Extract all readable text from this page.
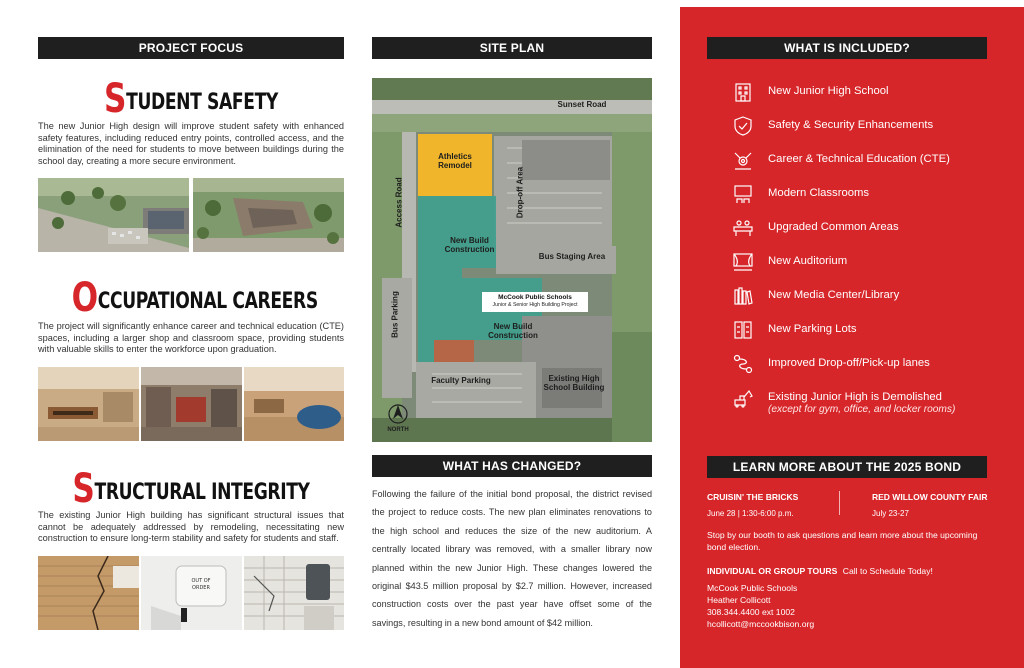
PROJECT FOCUS
STUDENT SAFETY
The new Junior High design will improve student safety with enhanced safety features, including reduced entry points, controlled access, and the elimination of the need for students to move between buildings during the school day, creating a more secure environment.
OCCUPATIONAL CAREERS
The project will significantly enhance career and technical education (CTE) spaces, including a larger shop and classroom space, providing students with valuable skills to enter the workforce upon graduation.
STRUCTURAL INTEGRITY
The existing Junior High building has significant structural issues that cannot be adequately addressed by remodeling, necessitating new construction to ensure long-term stability and safety for students and staff.
OUT OF
ORDER
SITE PLAN
Sunset Road
Athletics
Remodel
Access Road	Drop-off Area
New Build
Construction
Bus Staging Area
Bus Parking	McCook Public Schools
Junior & Senior High Building Project
New Build
Construction
Faculty Parking	Existing High
School Building
NORTH
WHAT HAS CHANGED?
Following the failure of the initial bond proposal, the district revised the project to reduce costs. The new plan eliminates renovations to the high school and reduces the size of the new auditorium. A centrally located library was removed, with a smaller library now planned within the new Junior High. These changes lowered the original $43.5 million proposal by $2.7 million. However, increased construction costs over the past year have offset some of the savings, resulting in a new bond amount of $42 million.
WHAT IS INCLUDED?
New Junior High School
Safety & Security Enhancements
Career & Technical Education (CTE)
Modern Classrooms
Upgraded Common Areas
New Auditorium
New Media Center/Library
New Parking Lots
Improved Drop-off/Pick-up lanes
Existing Junior High is Demolished
(except for gym, office, and locker rooms)
LEARN MORE ABOUT THE 2025 BOND
CRUISIN' THE BRICKS
June 28 | 1:30-6:00 p.m.
RED WILLOW COUNTY FAIR
July 23-27
Stop by our booth to ask questions and learn more about the upcoming bond election.
INDIVIDUAL OR GROUP TOURS Call to Schedule Today!
McCook Public Schools
Heather Collicott
308.344.4400 ext 1002
hcollicott@mccookbison.org
